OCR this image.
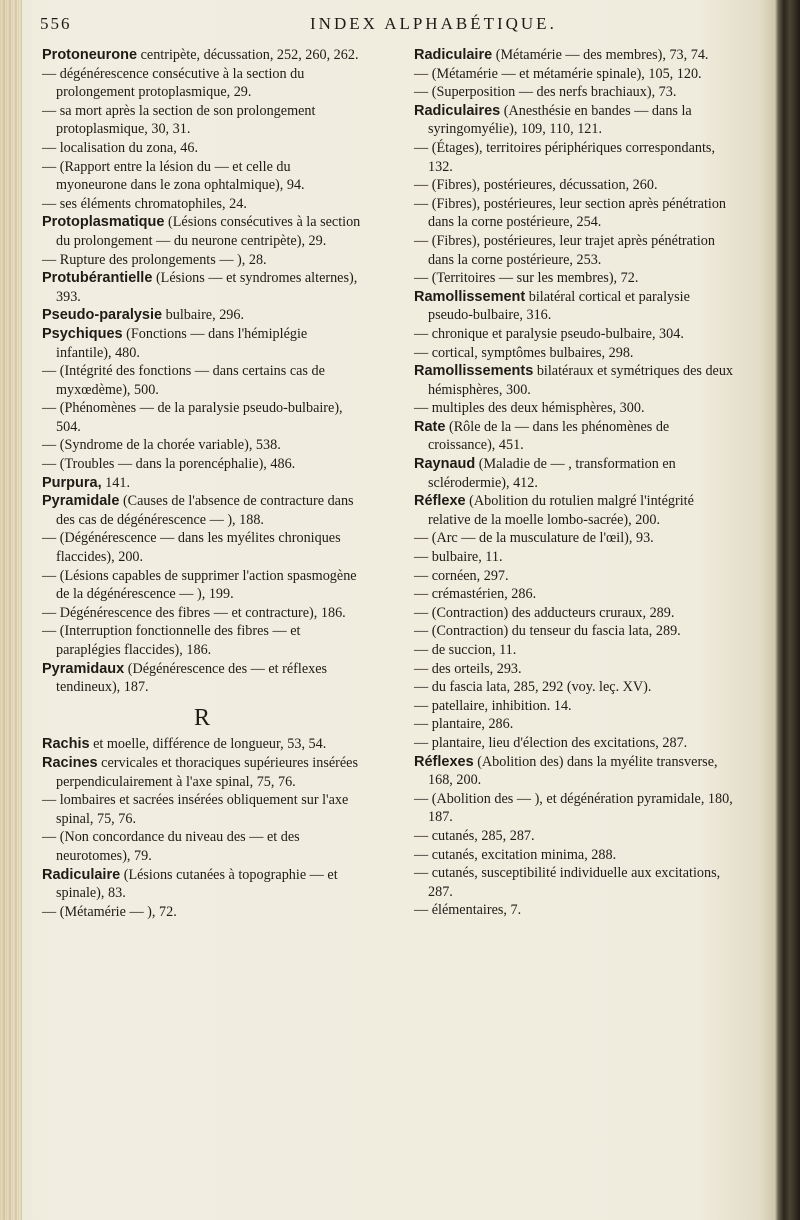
556	INDEX ALPHABÉTIQUE.
Protoneurone centripète, décussation, 252, 260, 262.
— dégénérescence consécutive à la section du prolongement protoplasmique, 29.
— sa mort après la section de son prolongement protoplasmique, 30, 31.
— localisation du zona, 46.
— (Rapport entre la lésion du — et celle du myoneurone dans le zona ophtalmique), 94.
— ses éléments chromatophiles, 24.
Protoplasmatique (Lésions consécutives à la section du prolongement — du neurone centripète), 29.
— Rupture des prolongements — ), 28.
Protubérantielle (Lésions — et syndromes alternes), 393.
Pseudo-paralysie bulbaire, 296.
Psychiques (Fonctions — dans l'hémiplégie infantile), 480.
— (Intégrité des fonctions — dans certains cas de myxœdème), 500.
— (Phénomènes — de la paralysie pseudo-bulbaire), 504.
— (Syndrome de la chorée variable), 538.
— (Troubles — dans la porencéphalie), 486.
Purpura, 141.
Pyramidale (Causes de l'absence de contracture dans des cas de dégénérescence — ), 188.
— (Dégénérescence — dans les myélites chroniques flaccides), 200.
— (Lésions capables de supprimer l'action spasmogène de la dégénérescence — ), 199.
— Dégénérescence des fibres — et contracture), 186.
— (Interruption fonctionnelle des fibres — et paraplégies flaccides), 186.
Pyramidaux (Dégénérescence des — et réflexes tendineux), 187.
R
Rachis et moelle, différence de longueur, 53, 54.
Racines cervicales et thoraciques supérieures insérées perpendiculairement à l'axe spinal, 75, 76.
— lombaires et sacrées insérées obliquement sur l'axe spinal, 75, 76.
— (Non concordance du niveau des — et des neurotomes), 79.
Radiculaire (Lésions cutanées à topographie — et spinale), 83.
— (Métamérie — ), 72.
Radiculaire (Métamérie — des membres), 73, 74.
— (Métamérie — et métamérie spinale), 105, 120.
— (Superposition — des nerfs brachiaux), 73.
Radiculaires (Anesthésie en bandes — dans la syringomyélie), 109, 110, 121.
— (Étages), territoires périphériques correspondants, 132.
— (Fibres), postérieures, décussation, 260.
— (Fibres), postérieures, leur section après pénétration dans la corne postérieure, 254.
— (Fibres), postérieures, leur trajet après pénétration dans la corne postérieure, 253.
— (Territoires — sur les membres), 72.
Ramollissement bilatéral cortical et paralysie pseudo-bulbaire, 316.
— chronique et paralysie pseudo-bulbaire, 304.
— cortical, symptômes bulbaires, 298.
Ramollissements bilatéraux et symétriques des deux hémisphères, 300.
— multiples des deux hémisphères, 300.
Rate (Rôle de la — dans les phénomènes de croissance), 451.
Raynaud (Maladie de — , transformation en sclérodermie), 412.
Réflexe (Abolition du rotulien malgré l'intégrité relative de la moelle lombo-sacrée), 200.
— (Arc — de la musculature de l'œil), 93.
— bulbaire, 11.
— cornéen, 297.
— crémastérien, 286.
— (Contraction) des adducteurs cruraux, 289.
— (Contraction) du tenseur du fascia lata, 289.
— de succion, 11.
— des orteils, 293.
— du fascia lata, 285, 292 (voy. leç. XV).
— patellaire, inhibition. 14.
— plantaire, 286.
— plantaire, lieu d'élection des excitations, 287.
Réflexes (Abolition des) dans la myélite transverse, 168, 200.
— (Abolition des — ), et dégénération pyramidale, 180, 187.
— cutanés, 285, 287.
— cutanés, excitation minima, 288.
— cutanés, susceptibilité individuelle aux excitations, 287.
— élémentaires, 7.
